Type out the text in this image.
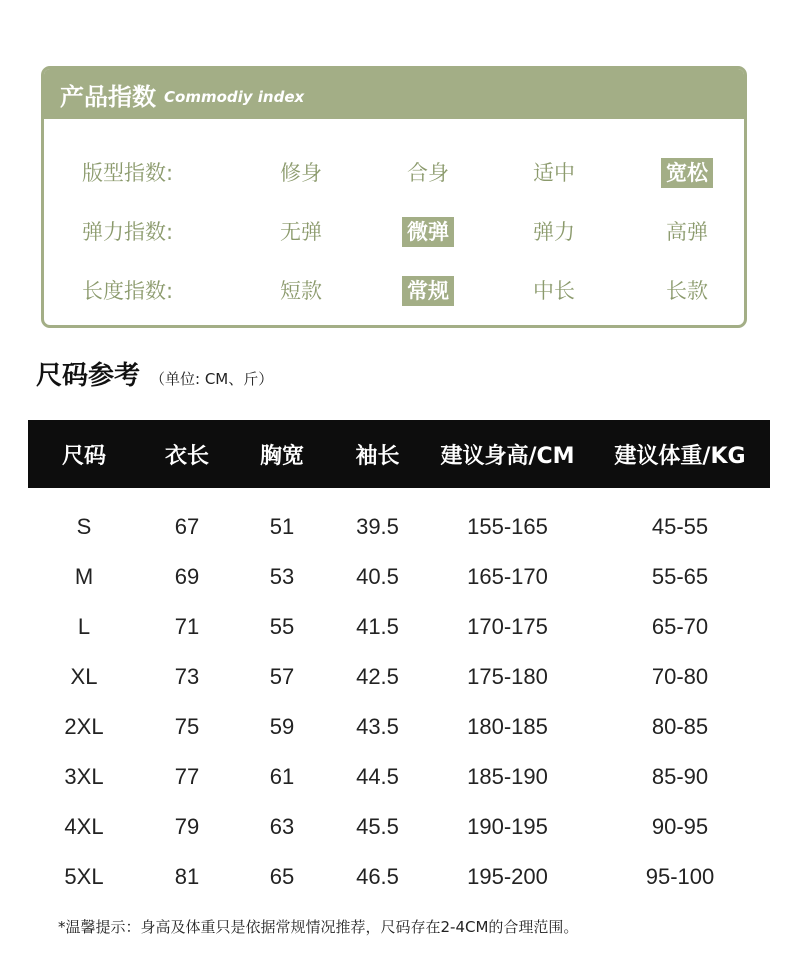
产品指数 Commodiy index
版型指数:	修身	合身	适中	宽松
弹力指数:	无弹	微弹	弹力	高弹
长度指数:	短款	常规	中长	长款
尺码参考 （单位: CM、斤）
尺码	衣长	胸宽	袖长	建议身高/CM	建议体重/KG
S	67	51	39.5	155-165	45-55
M	69	53	40.5	165-170	55-65
L	71	55	41.5	170-175	65-70
XL	73	57	42.5	175-180	70-80
2XL	75	59	43.5	180-185	80-85
3XL	77	61	44.5	185-190	85-90
4XL	79	63	45.5	190-195	90-95
5XL	81	65	46.5	195-200	95-100
*温馨提示：身高及体重只是依据常规情况推荐，尺码存在2-4CM的合理范围。
